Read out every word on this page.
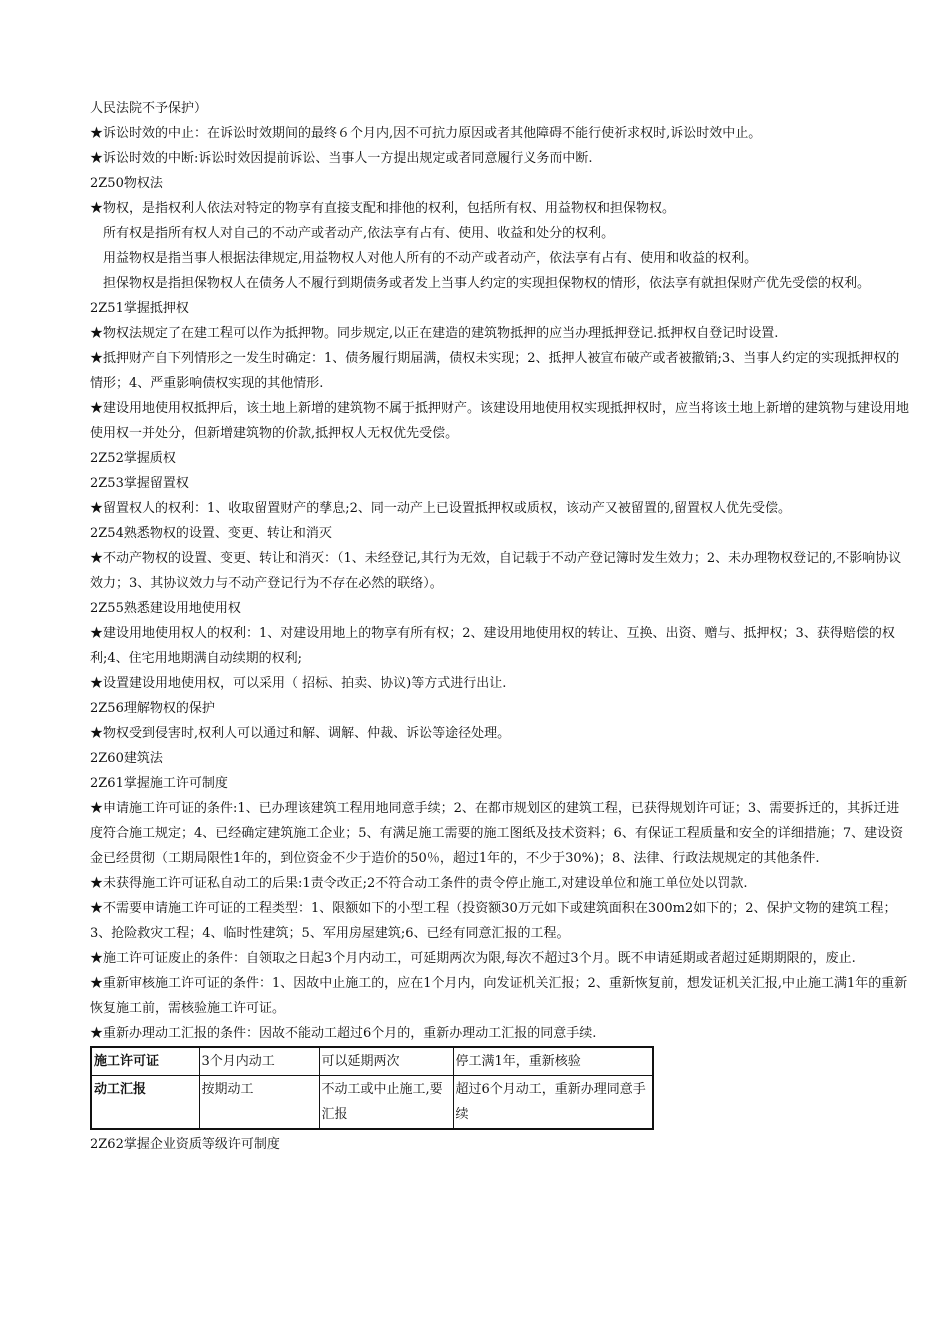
人民法院不予保护）

★诉讼时效的中止：在诉讼时效期间的最终６个月内,因不可抗力原因或者其他障碍不能行使祈求权时,诉讼时效中止。

★诉讼时效的中断:诉讼时效因提前诉讼、当事人一方提出规定或者同意履行义务而中断.

2Z50物权法

★物权，是指权利人依法对特定的物享有直接支配和排他的权利，包括所有权、用益物权和担保物权。

所有权是指所有权人对自己的不动产或者动产,依法享有占有、使用、收益和处分的权利。

用益物权是指当事人根据法律规定,用益物权人对他人所有的不动产或者动产，依法享有占有、使用和收益的权利。

担保物权是指担保物权人在债务人不履行到期债务或者发上当事人约定的实现担保物权的情形，依法享有就担保财产优先受偿的权利。

2Z51掌握抵押权

★物权法规定了在建工程可以作为抵押物。同步规定,以正在建造的建筑物抵押的应当办理抵押登记.抵押权自登记时设置.

★抵押财产自下列情形之一发生时确定：1、债务履行期届满，债权未实现；2、抵押人被宣布破产或者被撤销;3、当事人约定的实现抵押权的情形；4、严重影响债权实现的其他情形.

★建设用地使用权抵押后，该土地上新增的建筑物不属于抵押财产。该建设用地使用权实现抵押权时，应当将该土地上新增的建筑物与建设用地使用权一并处分，但新增建筑物的价款,抵押权人无权优先受偿。

2Z52掌握质权

2Z53掌握留置权

★留置权人的权利：1、收取留置财产的孳息;2、同一动产上已设置抵押权或质权，该动产又被留置的,留置权人优先受偿。

2Z54熟悉物权的设置、变更、转让和消灭

★不动产物权的设置、变更、转让和消灭：（1、未经登记,其行为无效，自记载于不动产登记簿时发生效力；2、未办理物权登记的,不影响协议效力；3、其协议效力与不动产登记行为不存在必然的联络）。

2Z55熟悉建设用地使用权

★建设用地使用权人的权利：1、对建设用地上的物享有所有权；2、建设用地使用权的转让、互换、出资、赠与、抵押权；3、获得赔偿的权利;4、住宅用地期满自动续期的权利;

★设置建设用地使用权，可以采用（ 招标、拍卖、协议)等方式进行出让.

2Z56理解物权的保护

★物权受到侵害时,权利人可以通过和解、调解、仲裁、诉讼等途径处理。

2Z60建筑法

2Z61掌握施工许可制度

★申请施工许可证的条件:1、已办理该建筑工程用地同意手续；2、在都市规划区的建筑工程，已获得规划许可证；3、需要拆迁的，其拆迁进度符合施工规定；4、已经确定建筑施工企业；5、有满足施工需要的施工图纸及技术资料；6、有保证工程质量和安全的详细措施；7、建设资金已经贯彻（工期局限性1年的，到位资金不少于造价的50％，超过1年的，不少于30%)；8、法律、行政法规规定的其他条件.

★未获得施工许可证私自动工的后果:1责令改正;2不符合动工条件的责令停止施工,对建设单位和施工单位处以罚款.

★不需要申请施工许可证的工程类型：1、限额如下的小型工程（投资额30万元如下或建筑面积在300m2如下的；2、保护文物的建筑工程；3、抢险救灾工程；4、临时性建筑；5、军用房屋建筑;6、已经有同意汇报的工程。

★施工许可证废止的条件：自领取之日起3个月内动工，可延期两次为限,每次不超过3个月。既不申请延期或者超过延期期限的，废止.

★重新审核施工许可证的条件：1、因故中止施工的，应在1个月内，向发证机关汇报；2、重新恢复前，想发证机关汇报,中止施工满1年的重新恢复施工前，需核验施工许可证。

★重新办理动工汇报的条件：因故不能动工超过6个月的，重新办理动工汇报的同意手续.

施工许可证	3个月内动工	可以延期两次	停工满1年，重新核验
动工汇报	按期动工	不动工或中止施工,要汇报	超过6个月动工，重新办理同意手续

2Z62掌握企业资质等级许可制度
